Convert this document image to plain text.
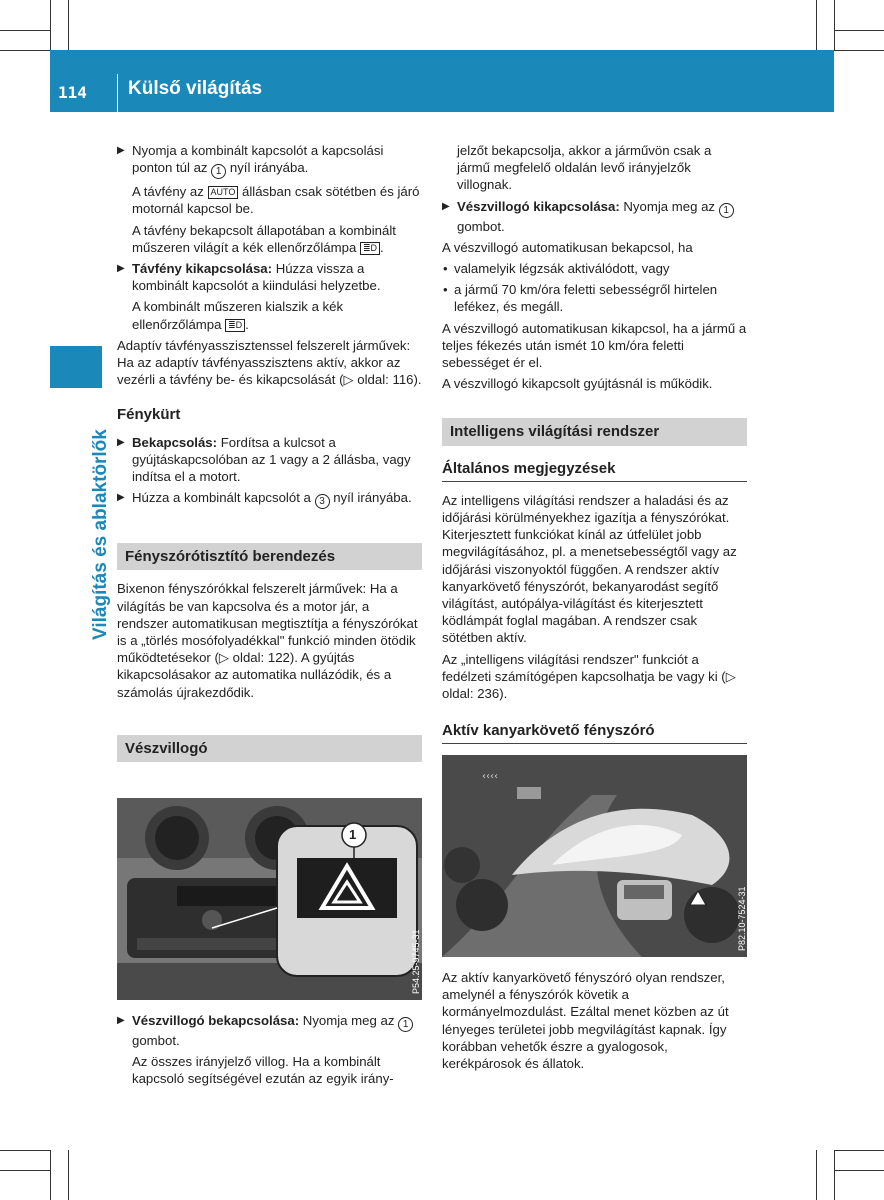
114 Külső világítás
Világítás és ablaktörlők

▶ Nyomja a kombinált kapcsolót a kapcsolási ponton túl az 1 nyíl irányába.

A távfény az AUTO állásban csak sötétben és járó motornál kapcsol be.

A távfény bekapcsolt állapotában a kombinált műszeren világít a kék ellenőrzőlámpa ≣D .

▶ Távfény kikapcsolása: Húzza vissza a kombinált kapcsolót a kiindulási helyzetbe.

A kombinált műszeren kialszik a kék ellenőrzőlámpa ≣D .

Adaptív távfényasszisztenssel felszerelt járművek: Ha az adaptív távfényasszisztens aktív, akkor az vezérli a távfény be- és kikapcsolását (▷ oldal: 116).

Fénykürt

▶ Bekapcsolás: Fordítsa a kulcsot a gyújtáskapcsolóban az 1 vagy a 2 állásba, vagy indítsa el a motort.

▶ Húzza a kombinált kapcsolót a 3 nyíl irányába.

Fényszórótisztító berendezés

Bixenon fényszórókkal felszerelt járművek: Ha a világítás be van kapcsolva és a motor jár, a rendszer automatikusan megtisztítja a fényszórókat is a „törlés mosófolyadékkal" funkció minden ötödik működtetésekor (▷ oldal: 122). A gyújtás kikapcsolásakor az automatika nullázódik, és a számolás újrakezdődik.

Vészvillogó

1
P54.25-9745-31

▶ Vészvillogó bekapcsolása: Nyomja meg az 1 gombot.

Az összes irányjelző villog. Ha a kombinált kapcsoló segítségével ezután az egyik irány-

jelzőt bekapcsolja, akkor a járművön csak a jármű megfelelő oldalán levő irányjelzők villognak.

▶ Vészvillogó kikapcsolása: Nyomja meg az 1 gombot.

A vészvillogó automatikusan bekapcsol, ha

• valamelyik légzsák aktiválódott, vagy

• a jármű 70 km/óra feletti sebességről hirtelen lefékez, és megáll.

A vészvillogó automatikusan kikapcsol, ha a jármű a teljes fékezés után ismét 10 km/óra feletti sebességet ér el.

A vészvillogó kikapcsolt gyújtásnál is működik.

Intelligens világítási rendszer

Általános megjegyzések

Az intelligens világítási rendszer a haladási és az időjárási körülményekhez igazítja a fényszórókat. Kiterjesztett funkciókat kínál az útfelület jobb megvilágításához, pl. a menetsebességtől vagy az időjárási viszonyoktól függően. A rendszer aktív kanyarkövető fényszórót, bekanyarodást segítő világítást, autópálya-világítást és kiterjesztett ködlámpát foglal magában. A rendszer csak sötétben aktív.

Az „intelligens világítási rendszer" funkciót a fedélzeti számítógépen kapcsolhatja be vagy ki (▷ oldal: 236).

Aktív kanyarkövető fényszóró

‹‹‹‹
P82.10-7524-31

Az aktív kanyarkövető fényszóró olyan rendszer, amelynél a fényszórók követik a kormányelmozdulást. Ezáltal menet közben az út lényeges területei jobb megvilágítást kapnak. Így korábban vehetők észre a gyalogosok, kerékpárosok és állatok.
